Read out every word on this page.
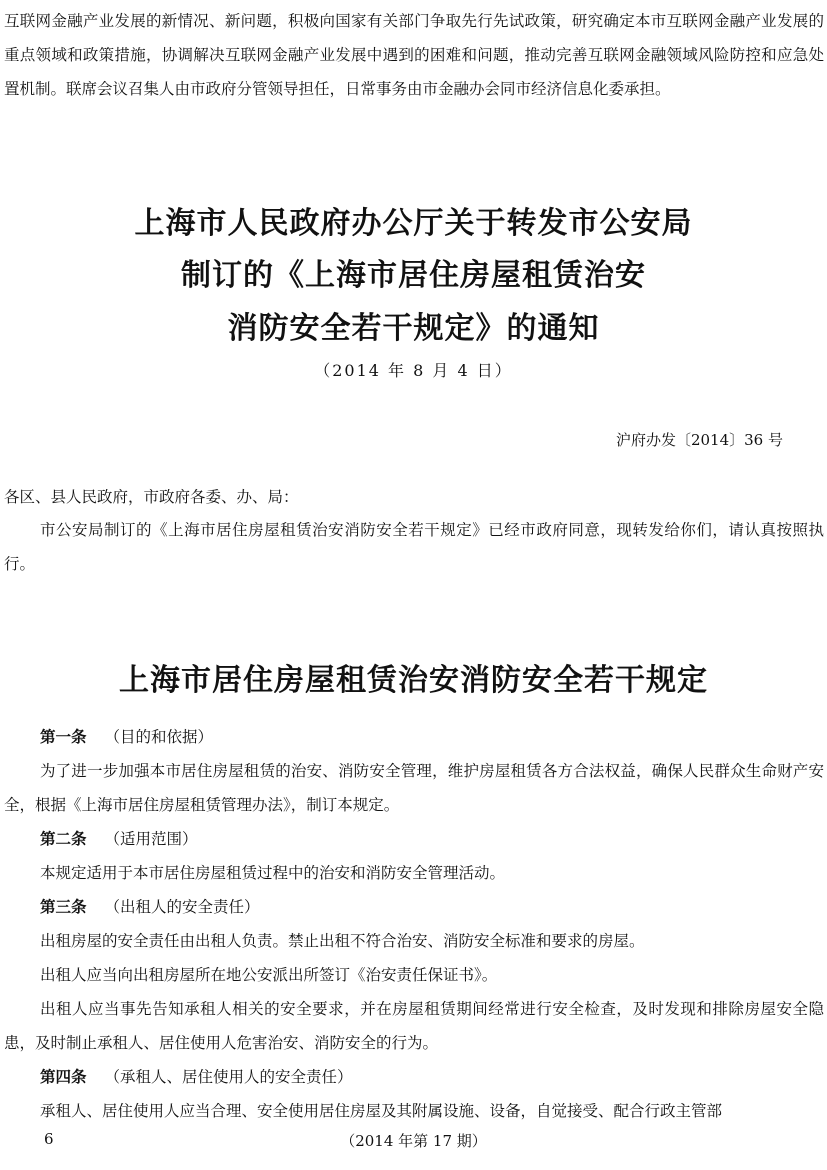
互联网金融产业发展的新情况、新问题，积极向国家有关部门争取先行先试政策，研究确定本市互联网金融产业发展的重点领域和政策措施，协调解决互联网金融产业发展中遇到的困难和问题，推动完善互联网金融领域风险防控和应急处置机制。联席会议召集人由市政府分管领导担任，日常事务由市金融办会同市经济信息化委承担。

上海市人民政府办公厅关于转发市公安局
制订的《上海市居住房屋租赁治安
消防安全若干规定》的通知
（2014 年 8 月 4 日）
沪府办发〔2014〕36 号
各区、县人民政府，市政府各委、办、局：

市公安局制订的《上海市居住房屋租赁治安消防安全若干规定》已经市政府同意，现转发给你们，请认真按照执行。

上海市居住房屋租赁治安消防安全若干规定

第一条 （目的和依据）

为了进一步加强本市居住房屋租赁的治安、消防安全管理，维护房屋租赁各方合法权益，确保人民群众生命财产安全，根据《上海市居住房屋租赁管理办法》，制订本规定。

第二条 （适用范围）

本规定适用于本市居住房屋租赁过程中的治安和消防安全管理活动。

第三条 （出租人的安全责任）

出租房屋的安全责任由出租人负责。禁止出租不符合治安、消防安全标准和要求的房屋。

出租人应当向出租房屋所在地公安派出所签订《治安责任保证书》。

出租人应当事先告知承租人相关的安全要求，并在房屋租赁期间经常进行安全检查，及时发现和排除房屋安全隐患，及时制止承租人、居住使用人危害治安、消防安全的行为。

第四条 （承租人、居住使用人的安全责任）

承租人、居住使用人应当合理、安全使用居住房屋及其附属设施、设备，自觉接受、配合行政主管部

6	（2014 年第 17 期）
